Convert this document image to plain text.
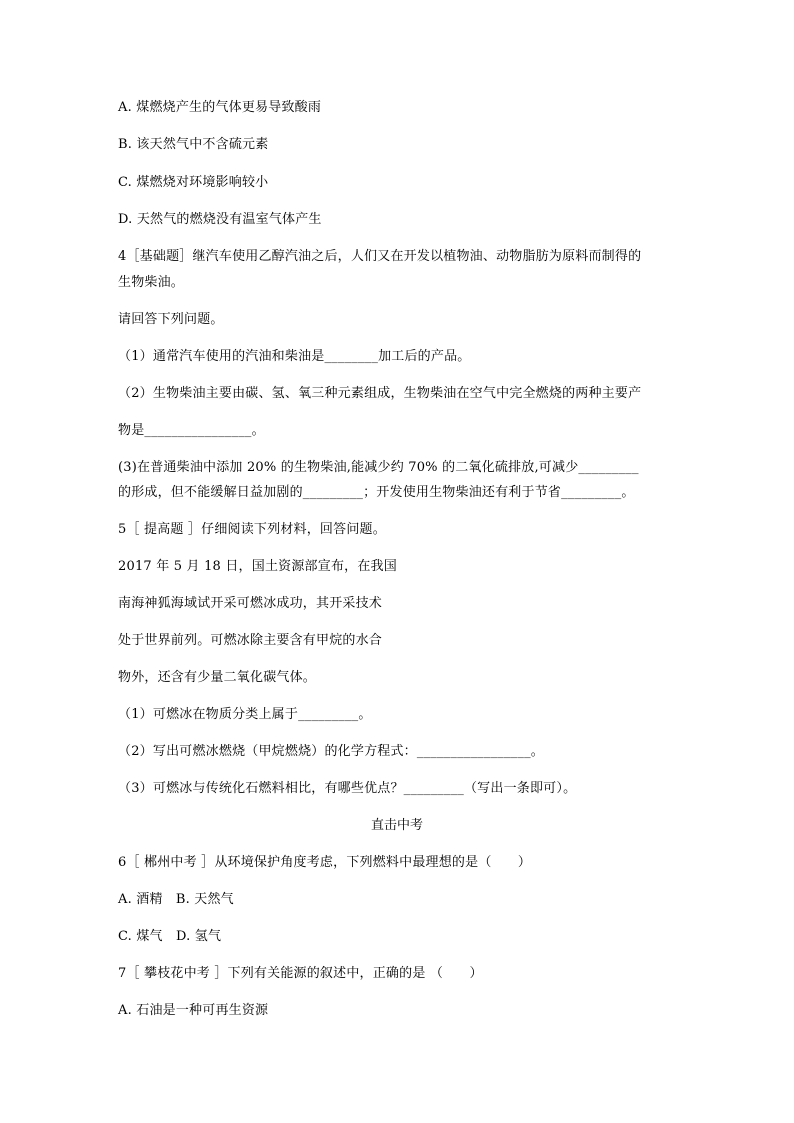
A. 煤燃烧产生的气体更易导致酸雨
B. 该天然气中不含硫元素
C. 煤燃烧对环境影响较小
D. 天然气的燃烧没有温室气体产生
4［基础题］继汽车使用乙醇汽油之后，人们又在开发以植物油、动物脂肪为原料而制得的
生物柴油。
请回答下列问题。
（1）通常汽车使用的汽油和柴油是________加工后的产品。
（2）生物柴油主要由碳、氢、氧三种元素组成，生物柴油在空气中完全燃烧的两种主要产
物是________________。
(3)在普通柴油中添加 20% 的生物柴油,能减少约 70% 的二氧化硫排放,可减少_________
的形成，但不能缓解日益加剧的_________；开发使用生物柴油还有利于节省_________。
5［ 提高题 ］仔细阅读下列材料，回答问题。
2017 年 5 月 18 日，国土资源部宣布，在我国
南海神狐海域试开采可燃冰成功，其开采技术
处于世界前列。可燃冰除主要含有甲烷的水合
物外，还含有少量二氧化碳气体。
（1）可燃冰在物质分类上属于_________。
（2）写出可燃冰燃烧（甲烷燃烧）的化学方程式：_________________。
（3）可燃冰与传统化石燃料相比，有哪些优点？_________（写出一条即可）。
直击中考
6［ 郴州中考 ］从环境保护角度考虑，下列燃料中最理想的是（　　）
A. 酒精　B. 天然气
C. 煤气　D. 氢气
7［ 攀枝花中考 ］下列有关能源的叙述中，正确的是 （　　）
A. 石油是一种可再生资源
